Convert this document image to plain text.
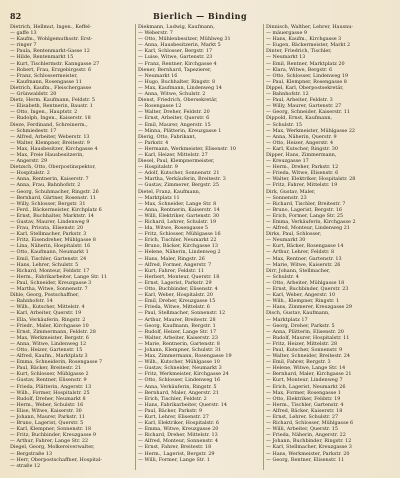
82	Bierlich — Binding
Dietrich, Hellmut, Ingen., Keffel-
— gaffe 13
— Kaufm., Wohlgemuthsstr. Erst-
— ringer 7
— Paula, Rentenmarkt-Gasse 12
— Hilde, Rentenmarkt 15
— Kurt, Tischlermstr. Kanngasse 27
— Robert, Frau, Erzgebirgsstr. 6
— Franz, Schlossermeister,
— Kaufmann, Rosengasse 11
Dietrich, Kaufm., Fleischergasse
— Grünwaldstr. 20
Dietz, Herm. Kaufmann, Feldstr. 5
— Elisabeth, Rentnerin, Baustr. 1
— Otto, Ingen., Hauptstr. 2
— Rudolph, Ingen., Kaiserstr. 18
Dieze, Ferdinand, Schreinerm.,
— Schmiedestr. 17
— Alfred, Arbeiter, Weberstr. 13
— Walter, Klempner, Breitestr. 9
— Max, Hausbesitzer, Kirchgasse 4
— Max, Freie Hausbesitzerin,
— Angerstr. 29
Dietzsch, Otto, Oberpostinspektor,
— Hospitalstr. 2
— Anna, Rentnerin, Kaiserstr. 7
— Anna, Frau, Bahnhofstr. 2
— Georg, Schuhmacher, Ringstr. 26
— Bernhard, Gärtner, Rosenstr. 11
— Willy, Schlosser, Bergstr. 31
— Ferd., Bäckermeister, Kirchplatz 6
— Ernst, Buchhalter, Marktstr. 14
— Gustav, Maurer, Lindenweg 9
— Frau, Privata, Elisenstr. 20
— Karl, Stellmacher, Parkstr. 3
— Fritz, Eisendreher, Mühlgasse 8
— Lina, Näherin, Hospitalstr. 16
— Otto, Kaufmann, Neumarkt 1
— Emil, Tischler, Gartenstr. 24
— Hans, Lehrer, Schulstr. 5
— Richard, Monteur, Feldstr. 17
— Herm., Fabrikarbeiter, Lange Str. 11
— Paul, Schneider, Kreuzgasse 3
— Martha, Witwe, Sonnenstr. 7
Dihle, Georg, Postschaffner,
— Bahnhofstr. 14
— Wilh., Kutscher, Mittelstr. 4
— Karl, Arbeiter, Querstr. 19
— Ella, Verkäuferin, Ringstr. 2
— Friedr., Maler, Kirchgasse 10
— Ernst, Zimmermann, Feldstr. 28
— Max, Werkmeister, Bergstr. 6
— Anna, Witwe, Lindenweg 12
— Otto, Heizer, Gartenstr. 15
— Alfred, Kaufm., Marktplatz 3
— Emma, Schneiderin, Rosengasse 7
— Paul, Bäcker, Breitestr. 21
— Kurt, Schlosser, Mühlgasse 2
— Gustav, Rentner, Elisenstr. 9
— Frieda, Plätterin, Angerstr. 13
— Wilh., Former, Hospitalstr. 25
— Rudolf, Dreher, Neumarkt 8
— Herm., Weber, Schulstr. 16
— Elise, Witwe, Kaiserstr. 30
— Johann, Maurer, Parkstr. 11
— Bruno, Lagerist, Querstr. 5
— Karl, Klempner, Sonnenstr. 18
— Fritz, Buchbinder, Kreuzgasse 9
— Arthur, Fahrer, Lange Str. 22
Diegel, Georg, Molkereiverwalter,
— Bergstraße 13
— Herr, Oberpostschaffner, Hospital-
— straße 12
Diekmann, Ludwig, Kaufmann,
— Weberstr. 7
— Otto, Mühlenbesitzer, Mühlweg 31
— Anna, Hausbesitzerin, Markt 5
— Karl, Schlosser, Bergstr. 17
— Luise, Witwe, Gartenstr. 23
— Franz, Rentner, Kirchgasse 4
Diener, Bernhard, Tapezierer,
— Neumarkt 16
— Hugo, Buchhalter, Ringstr. 8
— Max, Kaufmann, Lindenweg 14
— Anna, Witwe, Schulstr. 2
Dienst, Friedrich, Obersekretär,
— Rosengasse 12
— Walter, Dreher, Feldstr. 20
— Ernst, Arbeiter, Querstr. 6
— Emil, Maurer, Angerstr. 15
— Minna, Plätterin, Kreuzgasse 1
Dierig, Otto, Fabrikant,
— Parkstr. 4
— Hermann, Werkmeister, Elisenstr. 10
— Karl, Heizer, Mittelstr. 27
Diesel, Paul, Klempnermeister,
— Hospitalstr. 9
— Adolf, Kutscher, Sonnenstr. 21
— Martha, Verkäuferin, Breitestr. 3
— Gustav, Zimmerer, Bergstr. 25
Dietel, Franz, Kaufmann,
— Marktplatz 11
— Max, Schneider, Lange Str. 8
— Anna, Rentnerin, Kaiserstr. 14
— Willi, Elektriker, Gartenstr. 30
— Richard, Lehrer, Schulstr. 19
— Ida, Witwe, Rosengasse 5
— Fritz, Schlosser, Mühlgasse 16
— Erich, Tischler, Neumarkt 22
— Bruno, Bäcker, Kirchgasse 13
— Helene, Näherin, Lindenweg 2
— Hans, Maler, Ringstr. 26
— Alfred, Former, Angerstr. 7
— Kurt, Fahrer, Feldstr. 11
— Herbert, Monteur, Querstr. 18
— Ernst, Lagerist, Parkstr. 29
— Otto, Buchbinder, Elisenstr. 4
— Karl, Weber, Hospitalstr. 20
— Emil, Dreher, Kreuzgasse 15
— Frieda, Witwe, Mittelstr. 6
— Paul, Stellmacher, Sonnenstr. 12
— Arthur, Maurer, Breitestr. 28
— Georg, Kaufmann, Bergstr. 1
— Rudolf, Heizer, Lange Str. 17
— Walter, Arbeiter, Kaiserstr. 23
— Marie, Rentnerin, Gartenstr. 8
— Johann, Klempner, Schulstr. 31
— Max, Zimmermann, Rosengasse 19
— Wilh., Kutscher, Mühlgasse 10
— Gustav, Schneider, Neumarkt 3
— Fritz, Werkmeister, Kirchgasse 24
— Otto, Schlosser, Lindenweg 16
— Anna, Verkäuferin, Ringstr. 5
— Bernhard, Maler, Angerstr. 21
— Erich, Tischler, Feldstr. 2
— Hans, Fabrikarbeiter, Querstr. 14
— Paul, Bäcker, Parkstr. 9
— Kurt, Lehrer, Elisenstr. 27
— Karl, Elektriker, Hospitalstr. 6
— Emma, Witwe, Kreuzgasse 20
— Richard, Dreher, Mittelstr. 13
— Alfred, Monteur, Sonnenstr. 4
— Ernst, Fahrer, Breitestr. 18
— Herm., Lagerist, Bergstr. 29
— Willi, Former, Lange Str. 1
Dinnisch, Walther, Lehrer, Hausnu-
— mäuergasse 9
— Hans, Kaufm., Kirchgasse 3
— Eugen, Bäckermeister, Markt 2
Dinter, Friedrich, Tischler,
— Neumarkt 13
— Emil, Rentner, Marktplatz 20
— Klara, Witwe, Bergstr. 6
— Otto, Schlosser, Lindenweg 19
— Paul, Klempner, Rosengasse 8
Dippel, Karl, Oberpostsekretär,
— Bahnhofstr. 12
— Paul, Arbeiter, Feldstr. 3
— Willy, Maurer, Gartenstr. 27
— Georg, Schneider, Kaiserstr. 11
Dippold, Ernst, Kaufmann,
— Schulstr. 15
— Max, Werkmeister, Mühlgasse 22
— Anna, Näherin, Querstr. 9
— Otto, Heizer, Angerstr. 4
— Karl, Kutscher, Ringstr. 30
Dipper, Hans, Zimmermann,
— Kreuzgasse 17
— Herm., Dreher, Parkstr. 12
— Frieda, Witwe, Elisenstr. 6
— Walter, Elektriker, Hospitalstr. 28
— Fritz, Fahrer, Mittelstr. 19
Dirk, Gustav, Maler,
— Sonnenstr. 23
— Richard, Tischler, Breitestr. 7
— Bruno, Lagerist, Bergstr. 16
— Erich, Former, Lange Str. 25
— Emma, Verkäuferin, Kirchgasse 2
— Alfred, Monteur, Lindenweg 21
Dirks, Paul, Schlosser,
— Neumarkt 30
— Kurt, Bäcker, Rosengasse 14
— Arthur, Lehrer, Feldstr. 8
— Max, Rentner, Gartenstr. 13
— Marie, Witwe, Kaiserstr. 26
Dirr, Johann, Stellmacher,
— Schulstr. 4
— Otto, Arbeiter, Mühlgasse 18
— Ernst, Buchbinder, Querstr. 23
— Karl, Weber, Angerstr. 10
— Wilh., Klempner, Ringstr. 1
— Hans, Zimmerer, Kreuzgasse 29
Disch, Gustav, Kaufmann,
— Marktplatz 17
— Georg, Dreher, Parkstr. 5
— Anna, Plätterin, Elisenstr. 20
— Rudolf, Maurer, Hospitalstr. 11
— Fritz, Heizer, Mittelstr. 28
— Paul, Kutscher, Sonnenstr. 9
— Walter, Schneider, Breitestr. 24
— Emil, Fahrer, Bergstr. 3
— Helene, Witwe, Lange Str. 14
— Bernhard, Maler, Kirchgasse 21
— Kurt, Monteur, Lindenweg 7
— Erich, Lagerist, Neumarkt 26
— Max, Former, Rosengasse 1
— Otto, Elektriker, Feldstr. 19
— Herm., Tischler, Gartenstr. 4
— Alfred, Bäcker, Kaiserstr. 18
— Ernst, Lehrer, Schulstr. 27
— Richard, Schlosser, Mühlgasse 6
— Willi, Arbeiter, Querstr. 15
— Frieda, Näherin, Angerstr. 22
— Johann, Buchbinder, Ringstr. 12
— Karl, Stellmacher, Kreuzgasse 3
— Hans, Werkmeister, Parkstr. 20
— Georg, Rentner, Elisenstr. 11
